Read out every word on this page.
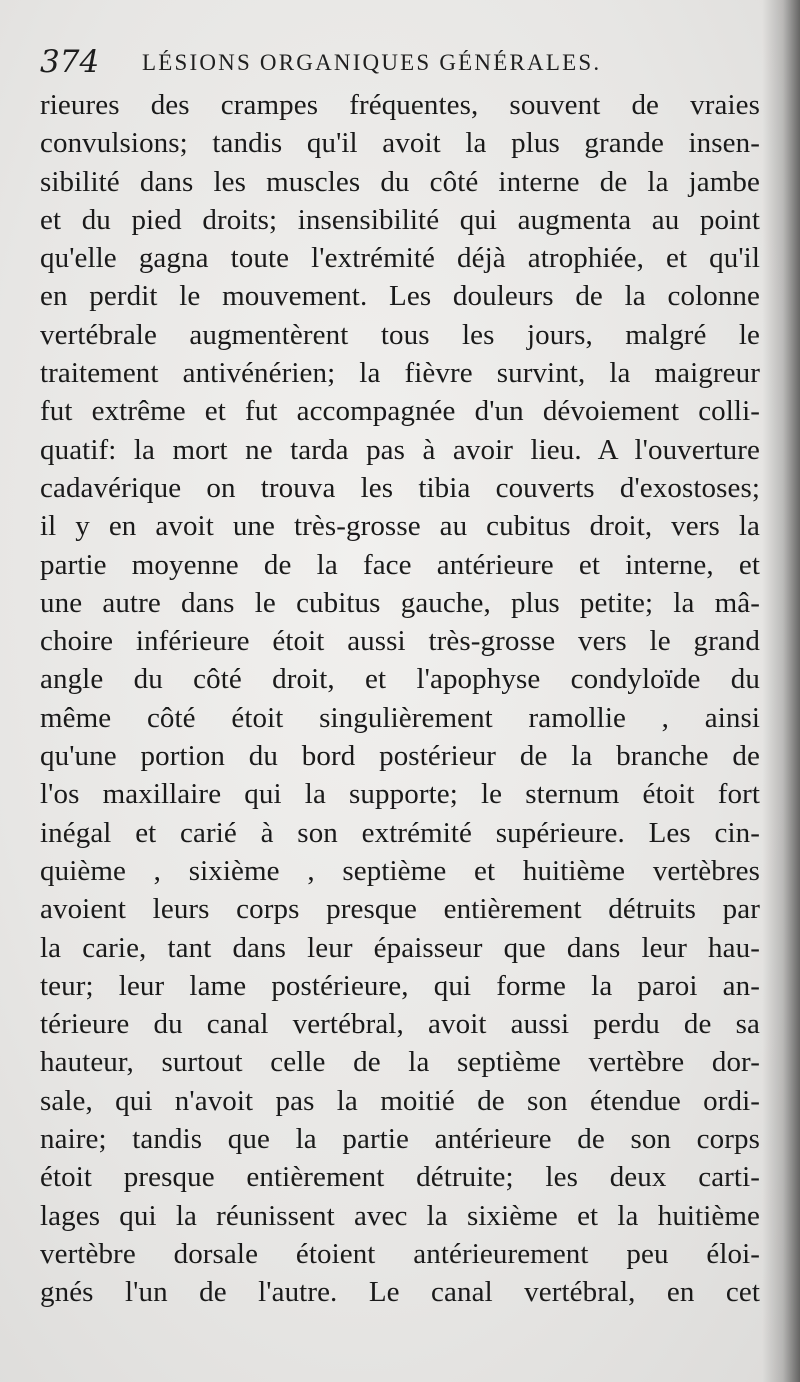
374 LÉSIONS ORGANIQUES GÉNÉRALES.
rieures des crampes fréquentes, souvent de vraies
convulsions; tandis qu'il avoit la plus grande insen-
sibilité dans les muscles du côté interne de la jambe
et du pied droits; insensibilité qui augmenta au point
qu'elle gagna toute l'extrémité déjà atrophiée, et qu'il
en perdit le mouvement. Les douleurs de la colonne
vertébrale augmentèrent tous les jours, malgré le
traitement antivénérien; la fièvre survint, la maigreur
fut extrême et fut accompagnée d'un dévoiement colli-
quatif: la mort ne tarda pas à avoir lieu. A l'ouverture
cadavérique on trouva les tibia couverts d'exostoses;
il y en avoit une très-grosse au cubitus droit, vers la
partie moyenne de la face antérieure et interne, et
une autre dans le cubitus gauche, plus petite; la mâ-
choire inférieure étoit aussi très-grosse vers le grand
angle du côté droit, et l'apophyse condyloïde du
même côté étoit singulièrement ramollie , ainsi
qu'une portion du bord postérieur de la branche de
l'os maxillaire qui la supporte; le sternum étoit fort
inégal et carié à son extrémité supérieure. Les cin-
quième , sixième , septième et huitième vertèbres
avoient leurs corps presque entièrement détruits par
la carie, tant dans leur épaisseur que dans leur hau-
teur; leur lame postérieure, qui forme la paroi an-
térieure du canal vertébral, avoit aussi perdu de sa
hauteur, surtout celle de la septième vertèbre dor-
sale, qui n'avoit pas la moitié de son étendue ordi-
naire; tandis que la partie antérieure de son corps
étoit presque entièrement détruite; les deux carti-
lages qui la réunissent avec la sixième et la huitième
vertèbre dorsale étoient antérieurement peu éloi-
gnés l'un de l'autre. Le canal vertébral, en cet
